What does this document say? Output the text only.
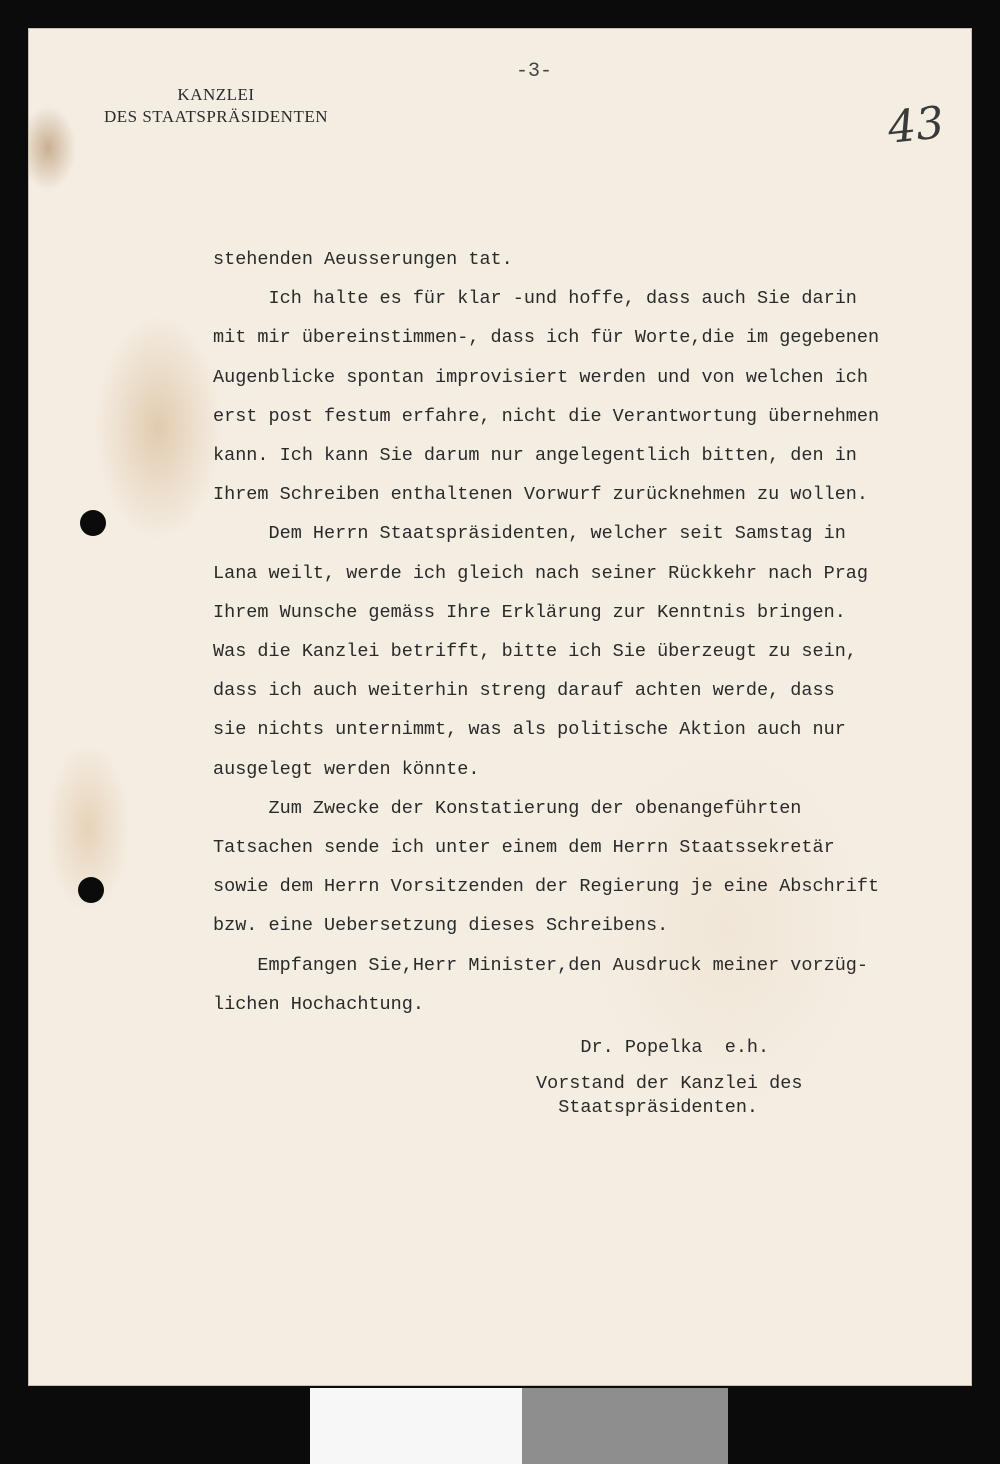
KANZLEI
DES STAATSPRÄSIDENTEN
-3-
43
stehenden Aeusserungen tat.
Ich halte es für klar -und hoffe, dass auch Sie darin
mit mir übereinstimmen-, dass ich für Worte,die im gegebenen
Augenblicke spontan improvisiert werden und von welchen ich
erst post festum erfahre, nicht die Verantwortung übernehmen
kann. Ich kann Sie darum nur angelegentlich bitten, den in
Ihrem Schreiben enthaltenen Vorwurf zurücknehmen zu wollen.
Dem Herrn Staatspräsidenten, welcher seit Samstag in
Lana weilt, werde ich gleich nach seiner Rückkehr nach Prag
Ihrem Wunsche gemäss Ihre Erklärung zur Kenntnis bringen.
Was die Kanzlei betrifft, bitte ich Sie überzeugt zu sein,
dass ich auch weiterhin streng darauf achten werde, dass
sie nichts unternimmt, was als politische Aktion auch nur
ausgelegt werden könnte.
Zum Zwecke der Konstatierung der obenangeführten
Tatsachen sende ich unter einem dem Herrn Staatssekretär
sowie dem Herrn Vorsitzenden der Regierung je eine Abschrift
bzw. eine Uebersetzung dieses Schreibens.
Empfangen Sie,Herr Minister,den Ausdruck meiner vorzüg-
lichen Hochachtung.
Dr. Popelka  e.h.
Vorstand der Kanzlei des
Staatspräsidenten.
